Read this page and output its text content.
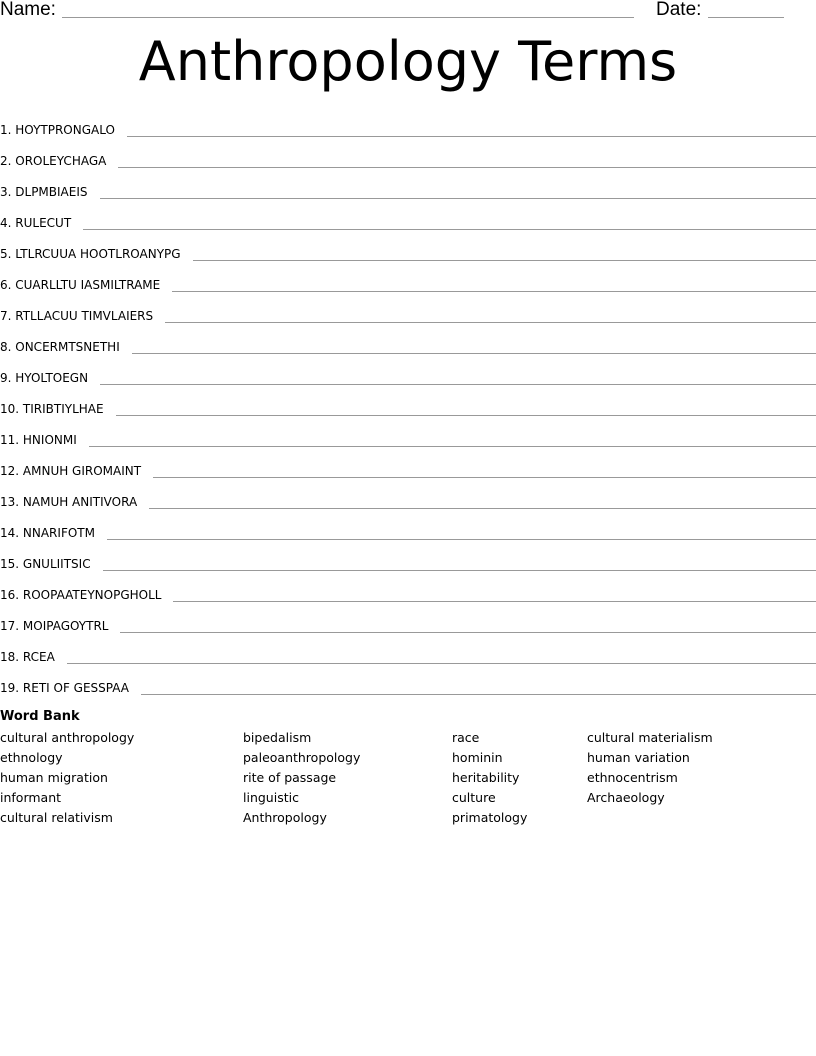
Name:	Date:
Anthropology Terms
1. HOYTPRONGALO
2. OROLEYCHAGA
3. DLPMBIAEIS
4. RULECUT
5. LTLRCUUA HOOTLROANYPG
6. CUARLLTU IASMILTRAME
7. RTLLACUU TIMVLAIERS
8. ONCERMTSNETHI
9. HYOLTOEGN
10. TIRIBTIYLHAE
11. HNIONMI
12. AMNUH GIROMAINT
13. NAMUH ANITIVORA
14. NNARIFOTM
15. GNULIITSIC
16. ROOPAATEYNOPGHOLL
17. MOIPAGOYTRL
18. RCEA
19. RETI OF GESSPAA
Word Bank
cultural anthropology
ethnology
human migration
informant
cultural relativism
bipedalism
paleoanthropology
rite of passage
linguistic
Anthropology
race
hominin
heritability
culture
primatology
cultural materialism
human variation
ethnocentrism
Archaeology
